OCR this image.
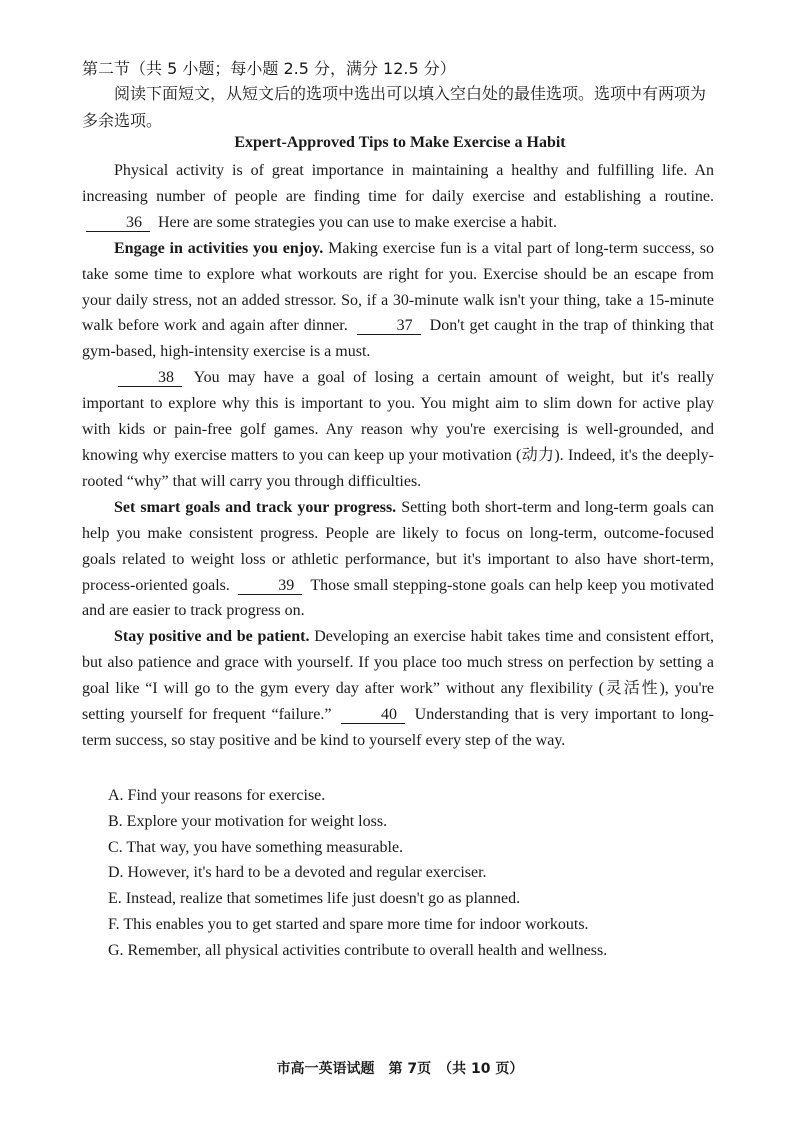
第二节（共 5 小题；每小题 2.5 分，满分 12.5 分）
阅读下面短文，从短文后的选项中选出可以填入空白处的最佳选项。选项中有两项为多余选项。
Expert-Approved Tips to Make Exercise a Habit

Physical activity is of great importance in maintaining a healthy and fulfilling life. An increasing number of people are finding time for daily exercise and establishing a routine. 36 Here are some strategies you can use to make exercise a habit.

Engage in activities you enjoy. Making exercise fun is a vital part of long-term success, so take some time to explore what workouts are right for you. Exercise should be an escape from your daily stress, not an added stressor. So, if a 30-minute walk isn't your thing, take a 15-minute walk before work and again after dinner.	37 Don't get caught in the trap of thinking that gym-based, high-intensity exercise is a must.

38 You may have a goal of losing a certain amount of weight, but it's really important to explore why this is important to you. You might aim to slim down for active play with kids or pain-free golf games. Any reason why you're exercising is well-grounded, and knowing why exercise matters to you can keep up your motivation (动力). Indeed, it's the deeply-rooted “why” that will carry you through difficulties.

Set smart goals and track your progress. Setting both short-term and long-term goals can help you make consistent progress. People are likely to focus on long-term, outcome-focused goals related to weight loss or athletic performance, but it's important to also have short-term, process-oriented goals.	39 Those small stepping-stone goals can help keep you motivated and are easier to track progress on.

Stay positive and be patient. Developing an exercise habit takes time and consistent effort, but also patience and grace with yourself. If you place too much stress on perfection by setting a goal like “I will go to the gym every day after work” without any flexibility (灵活性), you're setting yourself for frequent “failure.”	40 Understanding that is very important to long-term success, so stay positive and be kind to yourself every step of the way.

A. Find your reasons for exercise.
B. Explore your motivation for weight loss.
C. That way, you have something measurable.
D. However, it's hard to be a devoted and regular exerciser.
E. Instead, realize that sometimes life just doesn't go as planned.
F. This enables you to get started and spare more time for indoor workouts.
G. Remember, all physical activities contribute to overall health and wellness.
市高一英语试题　第 7页　（共 10 页）
